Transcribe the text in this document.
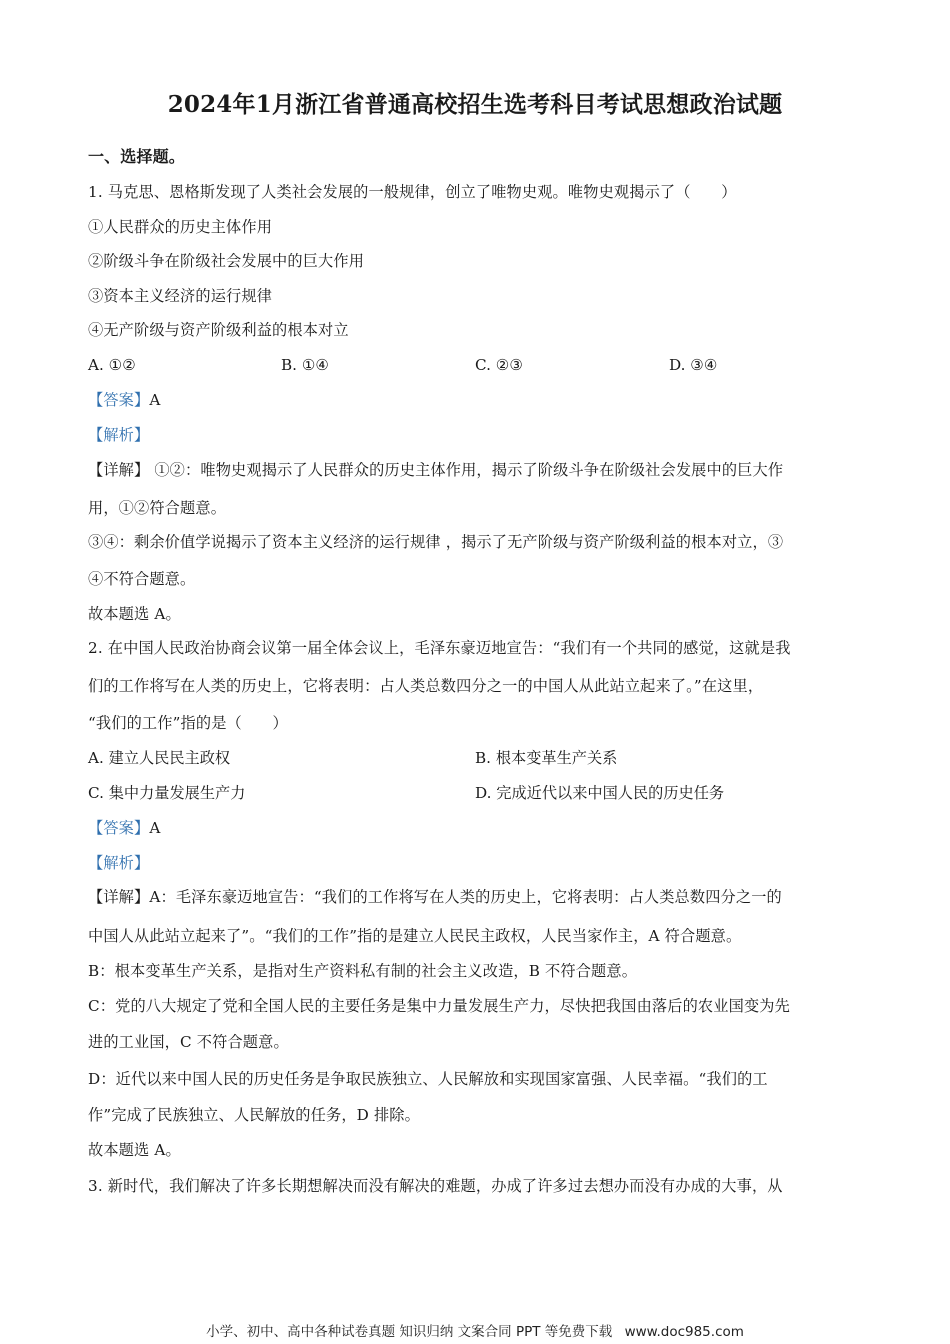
2024年1月浙江省普通高校招生选考科目考试思想政治试题
一、选择题。
1. 马克思、恩格斯发现了人类社会发展的一般规律，创立了唯物史观。唯物史观揭示了（　　）
①人民群众的历史主体作用
②阶级斗争在阶级社会发展中的巨大作用
③资本主义经济的运行规律
④无产阶级与资产阶级利益的根本对立
A. ①②	B. ①④	C. ②③	D. ③④
【答案】A
【解析】
【详解】 ①②：唯物史观揭示了人民群众的历史主体作用，揭示了阶级斗争在阶级社会发展中的巨大作
用，①②符合题意。
③④：剩余价值学说揭示了资本主义经济的运行规律 ，揭示了无产阶级与资产阶级利益的根本对立，③
④不符合题意。
故本题选 A。
2. 在中国人民政治协商会议第一届全体会议上，毛泽东豪迈地宣告：“我们有一个共同的感觉，这就是我
们的工作将写在人类的历史上，它将表明：占人类总数四分之一的中国人从此站立起来了。”在这里，
“我们的工作”指的是（　　）
A. 建立人民民主政权	B. 根本变革生产关系
C. 集中力量发展生产力	D. 完成近代以来中国人民的历史任务
【答案】A
【解析】
【详解】A：毛泽东豪迈地宣告：“我们的工作将写在人类的历史上，它将表明：占人类总数四分之一的
中国人从此站立起来了”。“我们的工作”指的是建立人民民主政权，人民当家作主，A 符合题意。
B：根本变革生产关系，是指对生产资料私有制的社会主义改造，B 不符合题意。
C：党的八大规定了党和全国人民的主要任务是集中力量发展生产力，尽快把我国由落后的农业国变为先
进的工业国，C 不符合题意。
D：近代以来中国人民的历史任务是争取民族独立、人民解放和实现国家富强、人民幸福。“我们的工
作”完成了民族独立、人民解放的任务，D 排除。
故本题选 A。
3. 新时代，我们解决了许多长期想解决而没有解决的难题，办成了许多过去想办而没有办成的大事，从
小学、初中、高中各种试卷真题 知识归纳 文案合同 PPT 等免费下载 www.doc985.com
